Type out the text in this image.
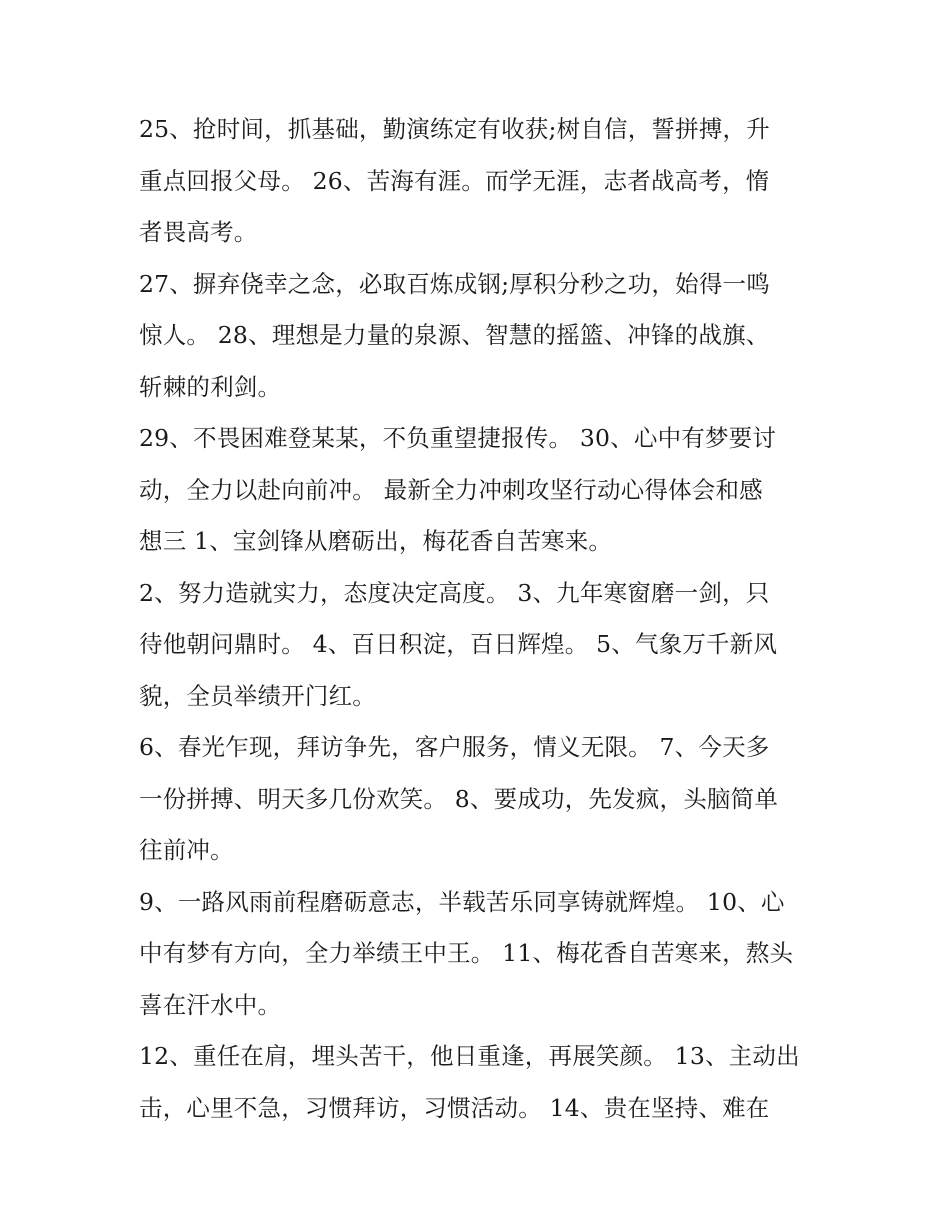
25、抢时间，抓基础，勤演练定有收获;树自信，誓拼搏，升
重点回报父母。 26、苦海有涯。而学无涯，志者战高考，惰
者畏高考。

27、摒弃侥幸之念，必取百炼成钢;厚积分秒之功，始得一鸣
惊人。 28、理想是力量的泉源、智慧的摇篮、冲锋的战旗、
斩棘的利剑。

29、不畏困难登某某，不负重望捷报传。 30、心中有梦要讨
动，全力以赴向前冲。 最新全力冲刺攻坚行动心得体会和感
想三 1、宝剑锋从磨砺出，梅花香自苦寒来。

2、努力造就实力，态度决定高度。 3、九年寒窗磨一剑，只
待他朝问鼎时。 4、百日积淀，百日辉煌。 5、气象万千新风
貌，全员举绩开门红。

6、春光乍现，拜访争先，客户服务，情义无限。 7、今天多
一份拼搏、明天多几份欢笑。 8、要成功，先发疯，头脑简单
往前冲。

9、一路风雨前程磨砺意志，半载苦乐同享铸就辉煌。 10、心
中有梦有方向，全力举绩王中王。 11、梅花香自苦寒来，熬头
喜在汗水中。

12、重任在肩，埋头苦干，他日重逢，再展笑颜。 13、主动出
击，心里不急，习惯拜访，习惯活动。 14、贵在坚持、难在
